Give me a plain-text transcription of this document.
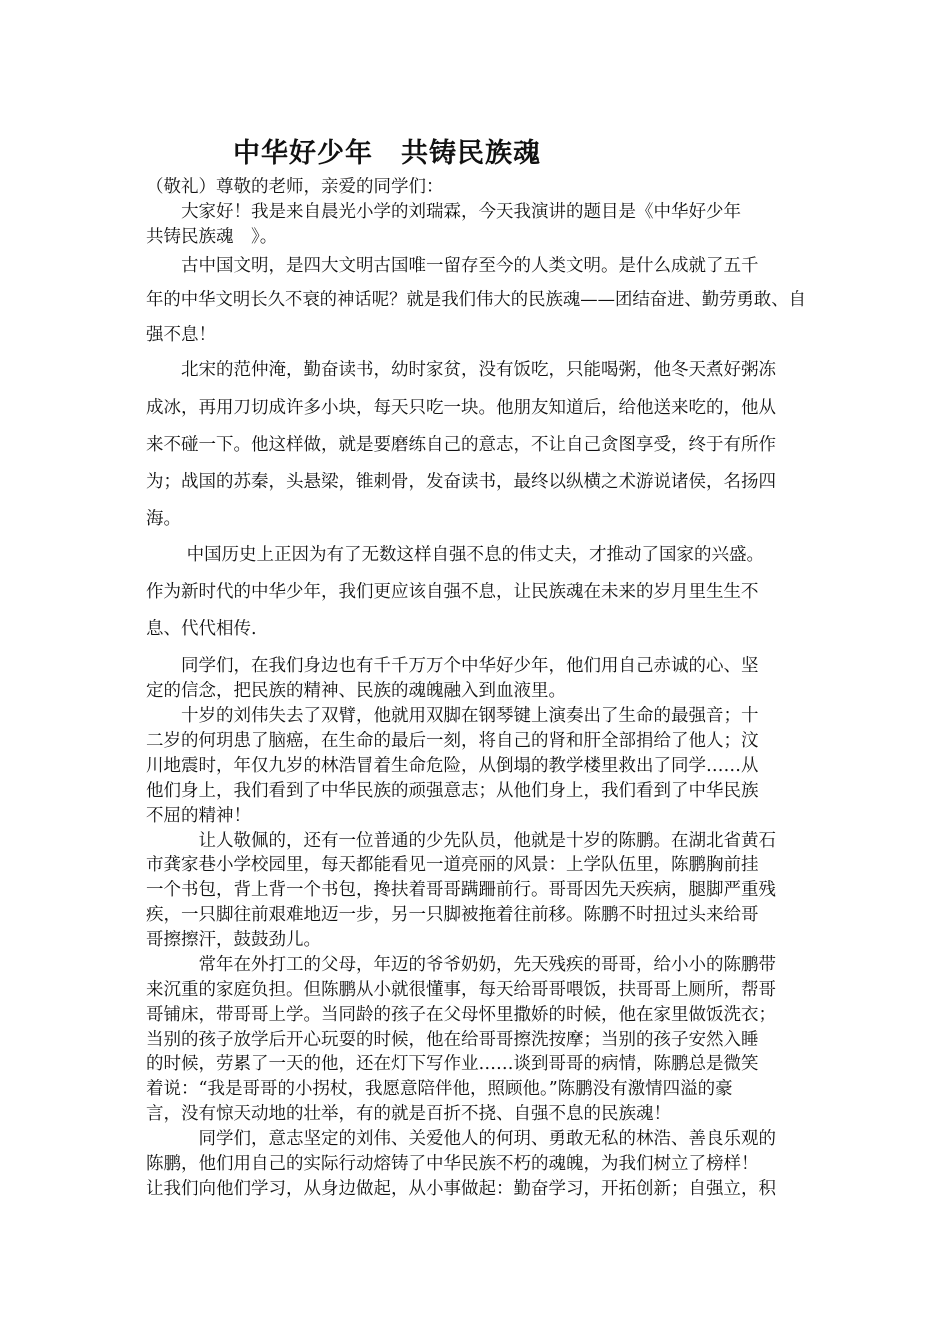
中华好少年　共铸民族魂
（敬礼）尊敬的老师，亲爱的同学们：
　　大家好！我是来自晨光小学的刘瑞霖，今天我演讲的题目是《中华好少年
共铸民族魂　》。
　　古中国文明，是四大文明古国唯一留存至今的人类文明。是什么成就了五千
年的中华文明长久不衰的神话呢？就是我们伟大的民族魂——团结奋进、勤劳勇敢、自
强不息！
　　北宋的范仲淹，勤奋读书，幼时家贫，没有饭吃，只能喝粥，他冬天煮好粥冻
成冰，再用刀切成许多小块，每天只吃一块。他朋友知道后，给他送来吃的，他从
来不碰一下。他这样做，就是要磨练自己的意志，不让自己贪图享受，终于有所作
为；战国的苏秦，头悬梁，锥刺骨，发奋读书，最终以纵横之术游说诸侯，名扬四
海。
　　 中国历史上正因为有了无数这样自强不息的伟丈夫，才推动了国家的兴盛。
作为新时代的中华少年，我们更应该自强不息，让民族魂在未来的岁月里生生不
息、代代相传.
　　同学们，在我们身边也有千千万万个中华好少年，他们用自己赤诚的心、坚
定的信念，把民族的精神、民族的魂魄融入到血液里。
　　十岁的刘伟失去了双臂，他就用双脚在钢琴键上演奏出了生命的最强音；十
二岁的何玥患了脑癌，在生命的最后一刻，将自己的肾和肝全部捐给了他人；汶
川地震时，年仅九岁的林浩冒着生命危险，从倒塌的教学楼里救出了同学……从
他们身上，我们看到了中华民族的顽强意志；从他们身上，我们看到了中华民族
不屈的精神！
　　　让人敬佩的，还有一位普通的少先队员，他就是十岁的陈鹏。在湖北省黄石
市龚家巷小学校园里，每天都能看见一道亮丽的风景：上学队伍里，陈鹏胸前挂
一个书包，背上背一个书包，搀扶着哥哥蹒跚前行。哥哥因先天疾病，腿脚严重残
疾，一只脚往前艰难地迈一步，另一只脚被拖着往前移。陈鹏不时扭过头来给哥
哥擦擦汗，鼓鼓劲儿。
　　　常年在外打工的父母，年迈的爷爷奶奶，先天残疾的哥哥，给小小的陈鹏带
来沉重的家庭负担。但陈鹏从小就很懂事，每天给哥哥喂饭，扶哥哥上厕所，帮哥
哥铺床，带哥哥上学。当同龄的孩子在父母怀里撒娇的时候，他在家里做饭洗衣；
当别的孩子放学后开心玩耍的时候，他在给哥哥擦洗按摩；当别的孩子安然入睡
的时候，劳累了一天的他，还在灯下写作业……谈到哥哥的病情，陈鹏总是微笑
着说：“我是哥哥的小拐杖，我愿意陪伴他，照顾他。”陈鹏没有激情四溢的豪
言，没有惊天动地的壮举，有的就是百折不挠、自强不息的民族魂！
　　　同学们，意志坚定的刘伟、关爱他人的何玥、勇敢无私的林浩、善良乐观的
陈鹏，他们用自己的实际行动熔铸了中华民族不朽的魂魄，为我们树立了榜样！
让我们向他们学习，从身边做起，从小事做起：勤奋学习，开拓创新；自强立，积
